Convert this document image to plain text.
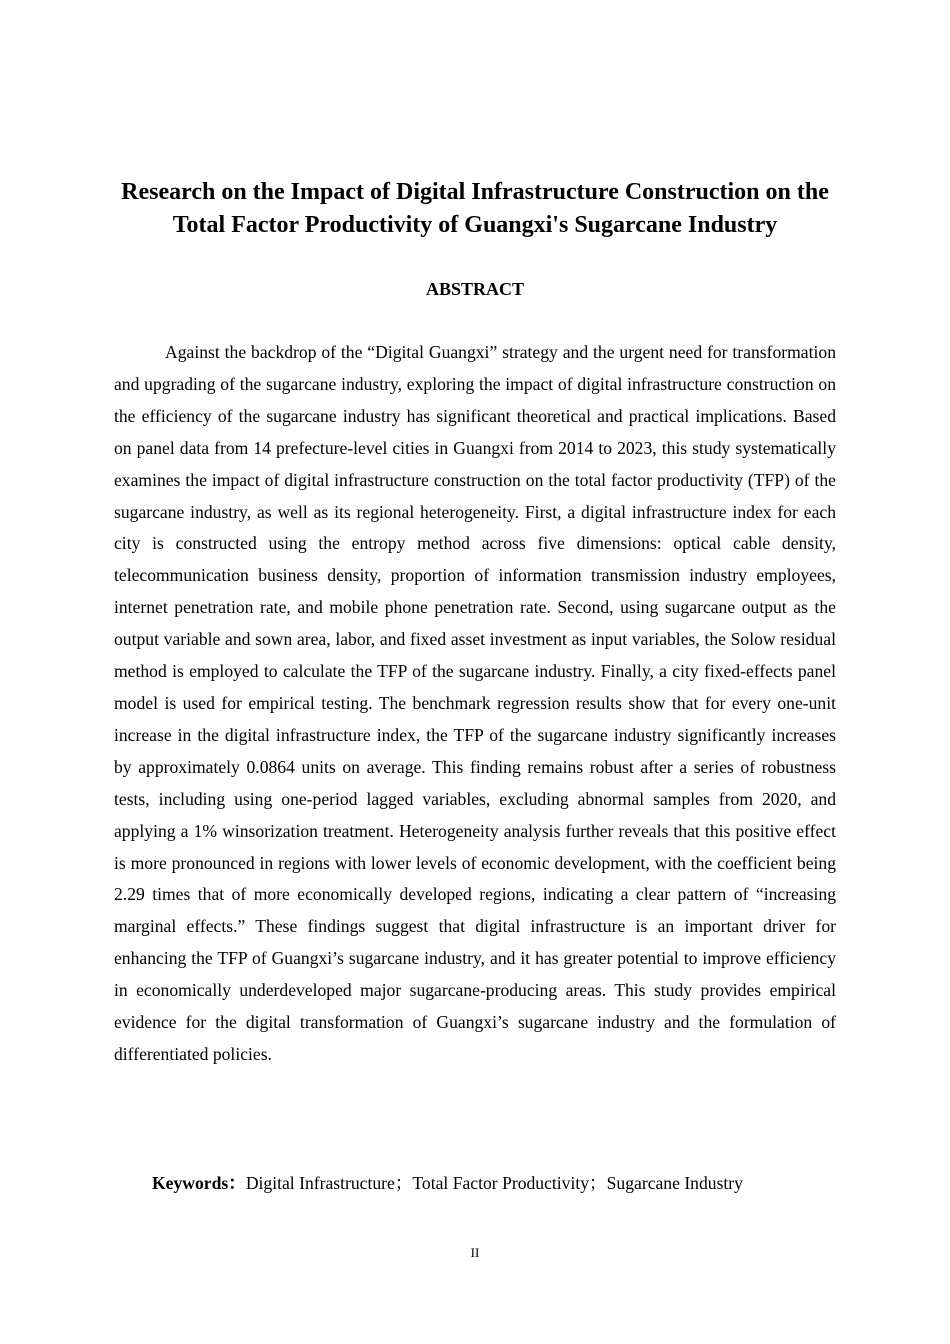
Research on the Impact of Digital Infrastructure Construction on the Total Factor Productivity of Guangxi's Sugarcane Industry
ABSTRACT

Against the backdrop of the “Digital Guangxi” strategy and the urgent need for transformation and upgrading of the sugarcane industry, exploring the impact of digital infrastructure construction on the efficiency of the sugarcane industry has significant theoretical and practical implications. Based on panel data from 14 prefecture-level cities in Guangxi from 2014 to 2023, this study systematically examines the impact of digital infrastructure construction on the total factor productivity (TFP) of the sugarcane industry, as well as its regional heterogeneity. First, a digital infrastructure index for each city is constructed using the entropy method across five dimensions: optical cable density, telecommunication business density, proportion of information transmission industry employees, internet penetration rate, and mobile phone penetration rate. Second, using sugarcane output as the output variable and sown area, labor, and fixed asset investment as input variables, the Solow residual method is employed to calculate the TFP of the sugarcane industry. Finally, a city fixed-effects panel model is used for empirical testing. The benchmark regression results show that for every one-unit increase in the digital infrastructure index, the TFP of the sugarcane industry significantly increases by approximately 0.0864 units on average. This finding remains robust after a series of robustness tests, including using one-period lagged variables, excluding abnormal samples from 2020, and applying a 1% winsorization treatment. Heterogeneity analysis further reveals that this positive effect is more pronounced in regions with lower levels of economic development, with the coefficient being 2.29 times that of more economically developed regions, indicating a clear pattern of “increasing marginal effects.” These findings suggest that digital infrastructure is an important driver for enhancing the TFP of Guangxi’s sugarcane industry, and it has greater potential to improve efficiency in economically underdeveloped major sugarcane-producing areas. This study provides empirical evidence for the digital transformation of Guangxi’s sugarcane industry and the formulation of differentiated policies.

Keywords：Digital Infrastructure；Total Factor Productivity；Sugarcane Industry

II
